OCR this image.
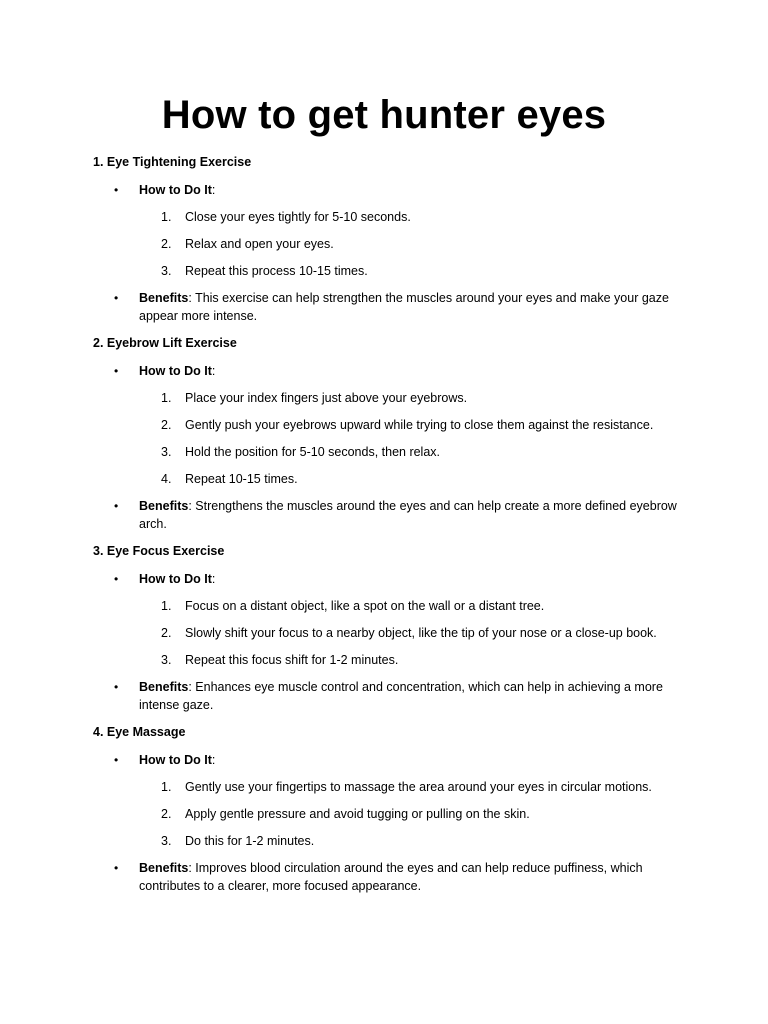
How to get hunter eyes

1. Eye Tightening Exercise

• How to Do It:
1. Close your eyes tightly for 5-10 seconds.
2. Relax and open your eyes.
3. Repeat this process 10-15 times.
• Benefits: This exercise can help strengthen the muscles around your eyes and make your gaze appear more intense.

2. Eyebrow Lift Exercise

• How to Do It:
1. Place your index fingers just above your eyebrows.
2. Gently push your eyebrows upward while trying to close them against the resistance.
3. Hold the position for 5-10 seconds, then relax.
4. Repeat 10-15 times.
• Benefits: Strengthens the muscles around the eyes and can help create a more defined eyebrow arch.

3. Eye Focus Exercise

• How to Do It:
1. Focus on a distant object, like a spot on the wall or a distant tree.
2. Slowly shift your focus to a nearby object, like the tip of your nose or a close-up book.
3. Repeat this focus shift for 1-2 minutes.
• Benefits: Enhances eye muscle control and concentration, which can help in achieving a more intense gaze.

4. Eye Massage

• How to Do It:
1. Gently use your fingertips to massage the area around your eyes in circular motions.
2. Apply gentle pressure and avoid tugging or pulling on the skin.
3. Do this for 1-2 minutes.
• Benefits: Improves blood circulation around the eyes and can help reduce puffiness, which contributes to a clearer, more focused appearance.
